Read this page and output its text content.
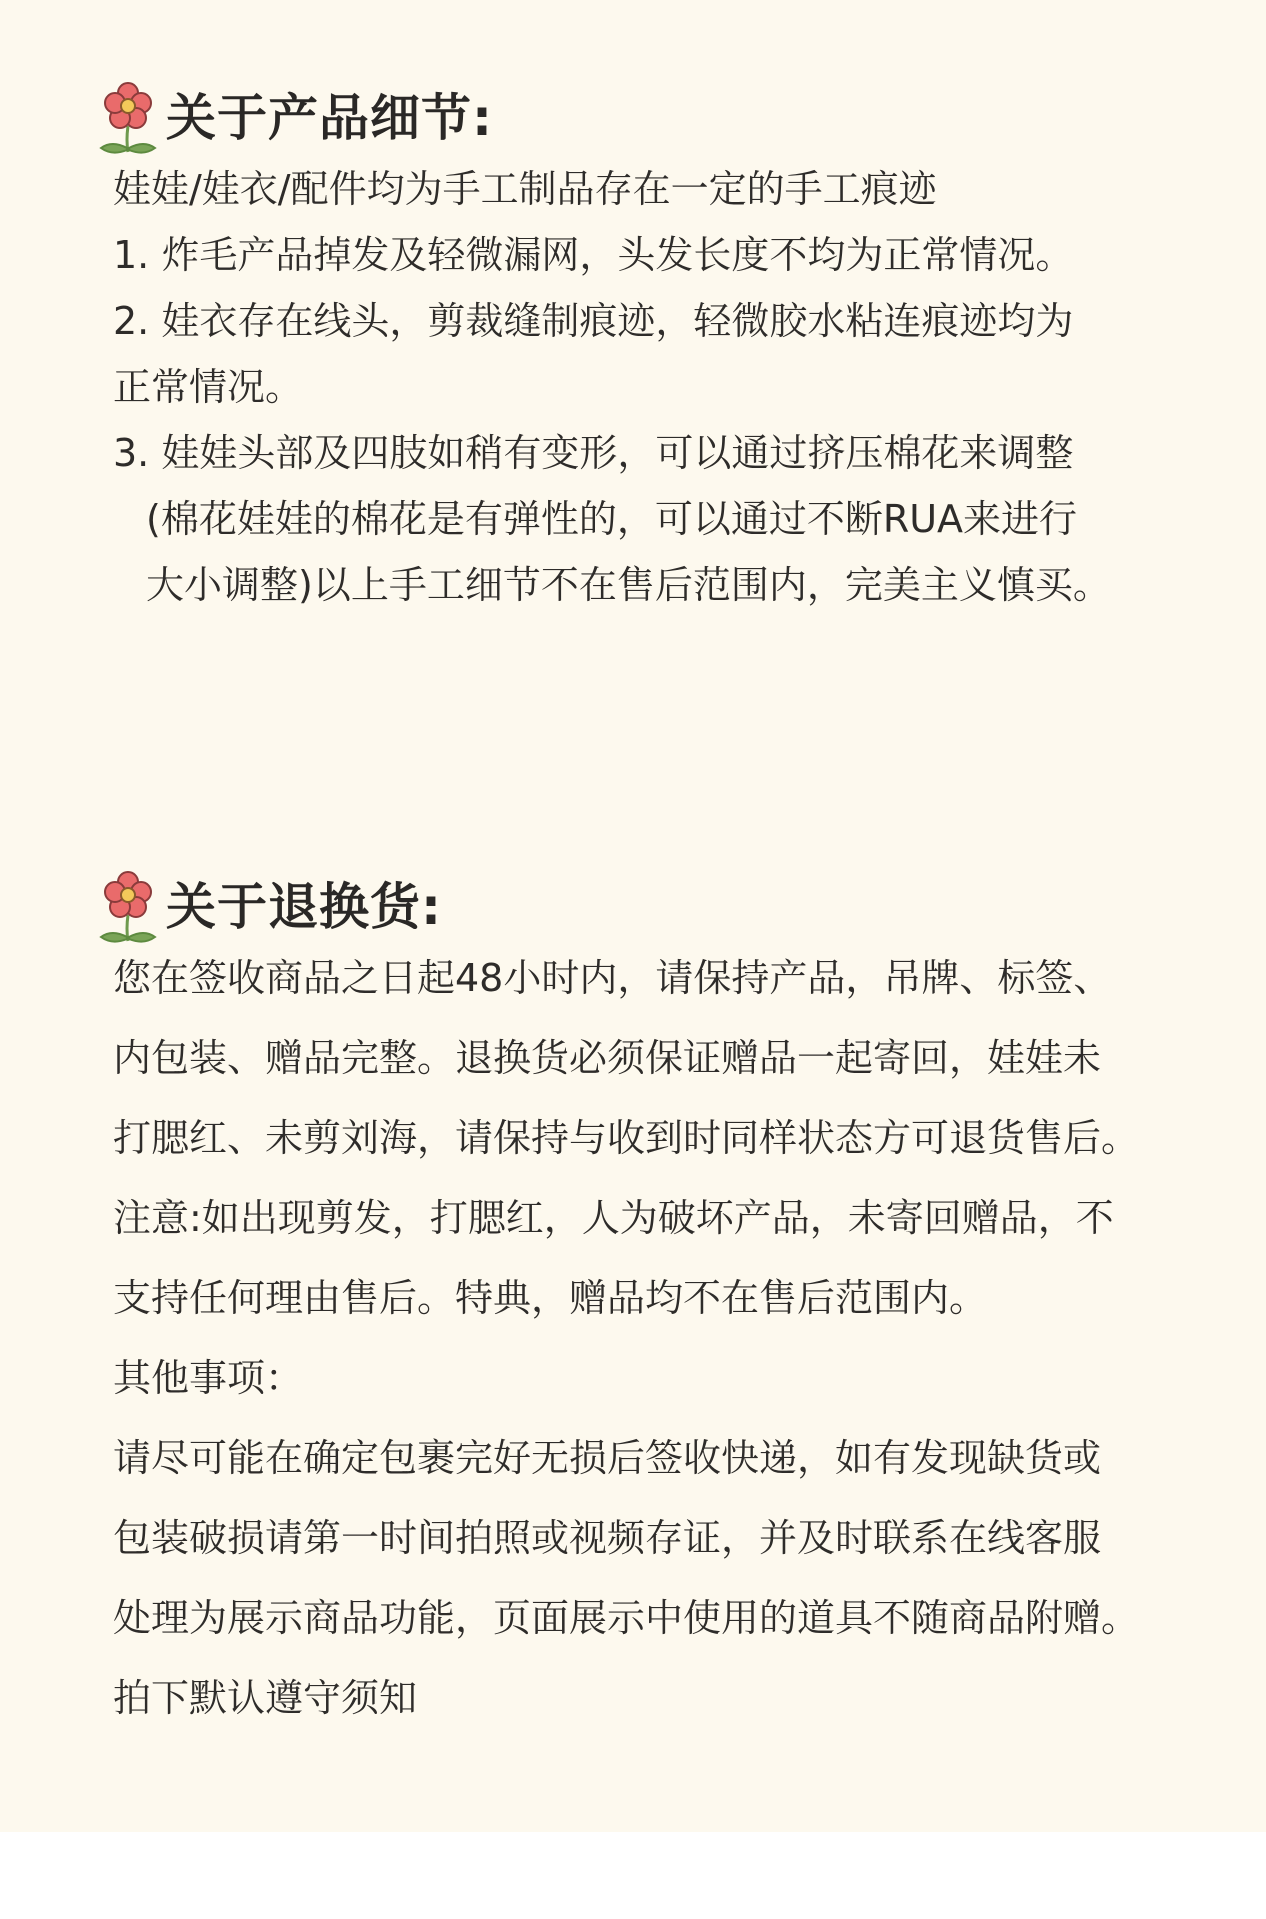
关于产品细节:
娃娃/娃衣/配件均为手工制品存在一定的手工痕迹
1. 炸毛产品掉发及轻微漏网，头发长度不均为正常情况。
2. 娃衣存在线头，剪裁缝制痕迹，轻微胶水粘连痕迹均为
正常情况。
3. 娃娃头部及四肢如稍有变形，可以通过挤压棉花来调整
(棉花娃娃的棉花是有弹性的，可以通过不断RUA来进行
大小调整)以上手工细节不在售后范围内，完美主义慎买。
关于退换货:
您在签收商品之日起48小时内，请保持产品，吊牌、标签、
内包装、赠品完整。退换货必须保证赠品一起寄回，娃娃未
打腮红、未剪刘海，请保持与收到时同样状态方可退货售后。
注意:如出现剪发，打腮红，人为破坏产品，未寄回赠品，不
支持任何理由售后。特典，赠品均不在售后范围内。
其他事项：
请尽可能在确定包裹完好无损后签收快递，如有发现缺货或
包装破损请第一时间拍照或视频存证，并及时联系在线客服
处理为展示商品功能，页面展示中使用的道具不随商品附赠。
拍下默认遵守须知
